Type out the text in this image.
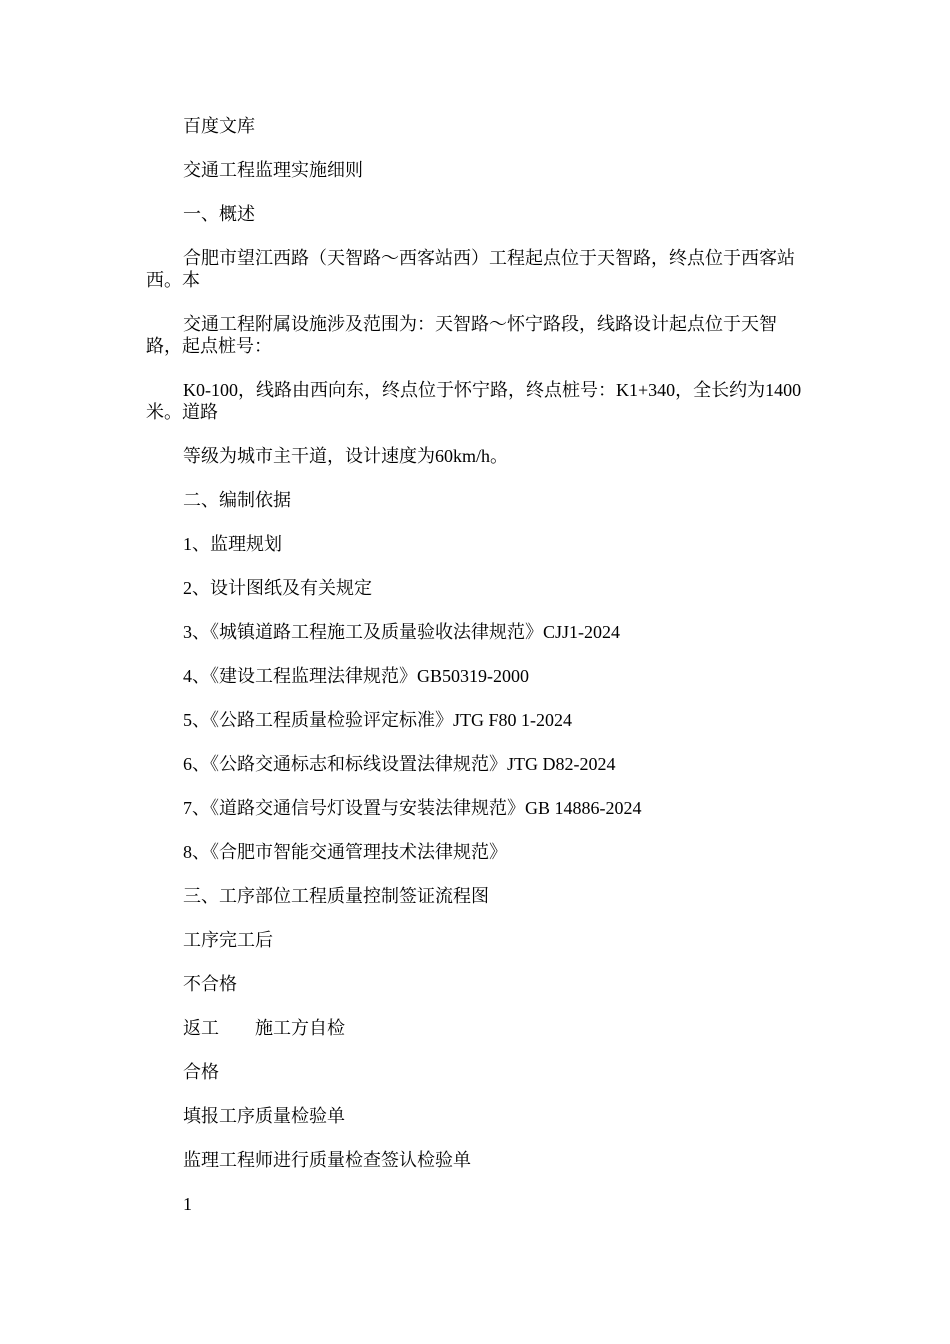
百度文库

交通工程监理实施细则

一、概述

合肥市望江西路（天智路～西客站西）工程起点位于天智路，终点位于西客站西。本

交通工程附属设施涉及范围为：天智路～怀宁路段，线路设计起点位于天智路，起点桩号：

K0-100，线路由西向东，终点位于怀宁路，终点桩号：K1+340，全长约为1400米。道路

等级为城市主干道，设计速度为60km/h。

二、编制依据

1、监理规划

2、设计图纸及有关规定

3、《城镇道路工程施工及质量验收法律规范》CJJ1-2024

4、《建设工程监理法律规范》GB50319-2000

5、《公路工程质量检验评定标准》JTG F80 1-2024

6、《公路交通标志和标线设置法律规范》JTG D82-2024

7、《道路交通信号灯设置与安装法律规范》GB 14886-2024

8、《合肥市智能交通管理技术法律规范》

三、工序部位工程质量控制签证流程图

工序完工后

不合格

返工 施工方自检

合格

填报工序质量检验单

监理工程师进行质量检查签认检验单

1
